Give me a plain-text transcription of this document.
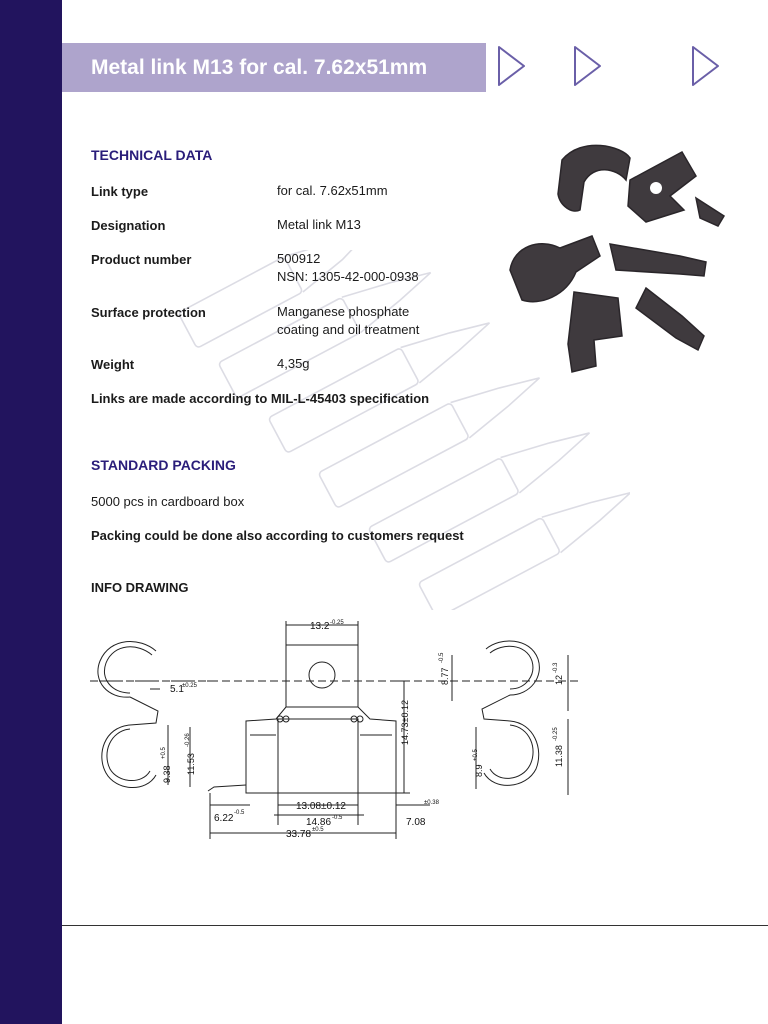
Metal link M13 for cal. 7.62x51mm
TECHNICAL DATA
Link type	for cal. 7.62x51mm
Designation	Metal link M13
Product number	500912
NSN: 1305-42-000-0938
Surface protection	Manganese phosphate
coating and oil treatment
Weight	4,35g
Links are made according to MIL-L-45403 specification
STANDARD PACKING
5000 pcs in cardboard box
Packing could be done also according to customers request
INFO DRAWING
13.2 -0.25
5.1
±0.25
7.08
±0.38
6.22 -0.5
13.08±0.12
14.86 -0.5
33.78 ±0.5
9.38
+0.5
11.53
-0.26	14.73±0.12
8.77
-0.5
12
-0.3
8.9
+0.5	11.38
-0.25
